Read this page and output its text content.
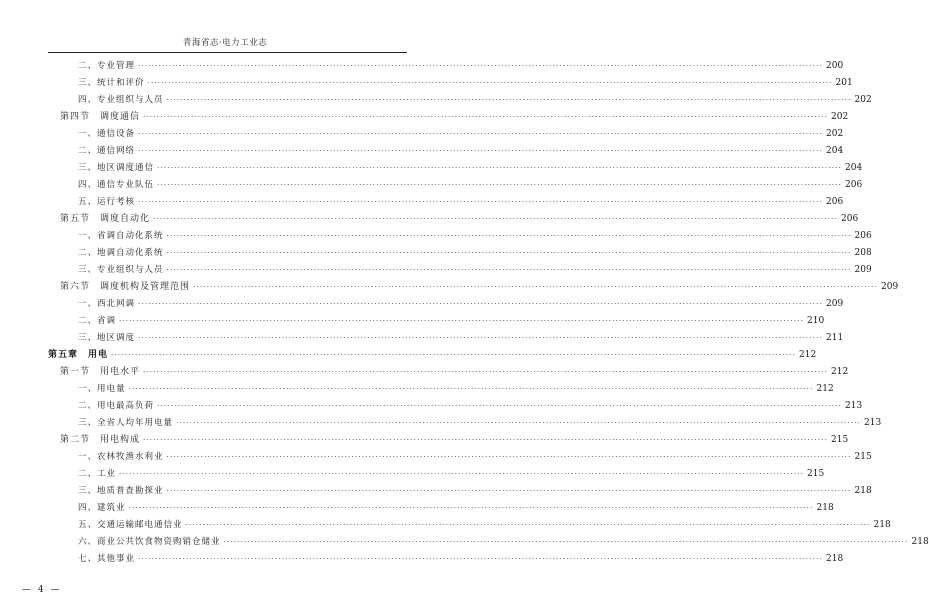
青海省志·电力工业志
二、专业管理 ········································································································································································································ 200
三、统计和评价 ········································································································································································································ 201
四、专业组织与人员 ········································································································································································································ 202
第四节　调度通信 ········································································································································································································ 202
一、通信设备 ········································································································································································································ 202
二、通信网络 ········································································································································································································ 204
三、地区调度通信 ········································································································································································································ 204
四、通信专业队伍 ········································································································································································································ 206
五、运行考核 ········································································································································································································ 206
第五节　调度自动化 ········································································································································································································ 206
一、省调自动化系统 ········································································································································································································ 206
二、地调自动化系统 ········································································································································································································ 208
三、专业组织与人员 ········································································································································································································ 209
第六节　调度机构及管理范围 ········································································································································································································ 209
一、西北网调 ········································································································································································································ 209
二、省调 ········································································································································································································ 210
三、地区调度 ········································································································································································································ 211
第五章　用电 ········································································································································································································ 212
第一节　用电水平 ········································································································································································································ 212
一、用电量 ········································································································································································································ 212
二、用电最高负荷 ········································································································································································································ 213
三、全省人均年用电量 ········································································································································································································ 213
第二节　用电构成 ········································································································································································································ 215
一、农林牧渔水利业 ········································································································································································································ 215
二、工业 ········································································································································································································ 215
三、地质普查勘探业 ········································································································································································································ 218
四、建筑业 ········································································································································································································ 218
五、交通运输邮电通信业 ········································································································································································································ 218
六、商业公共饮食物资购销仓储业 ········································································································································································································ 218
七、其他事业 ········································································································································································································ 218
— 4 —
